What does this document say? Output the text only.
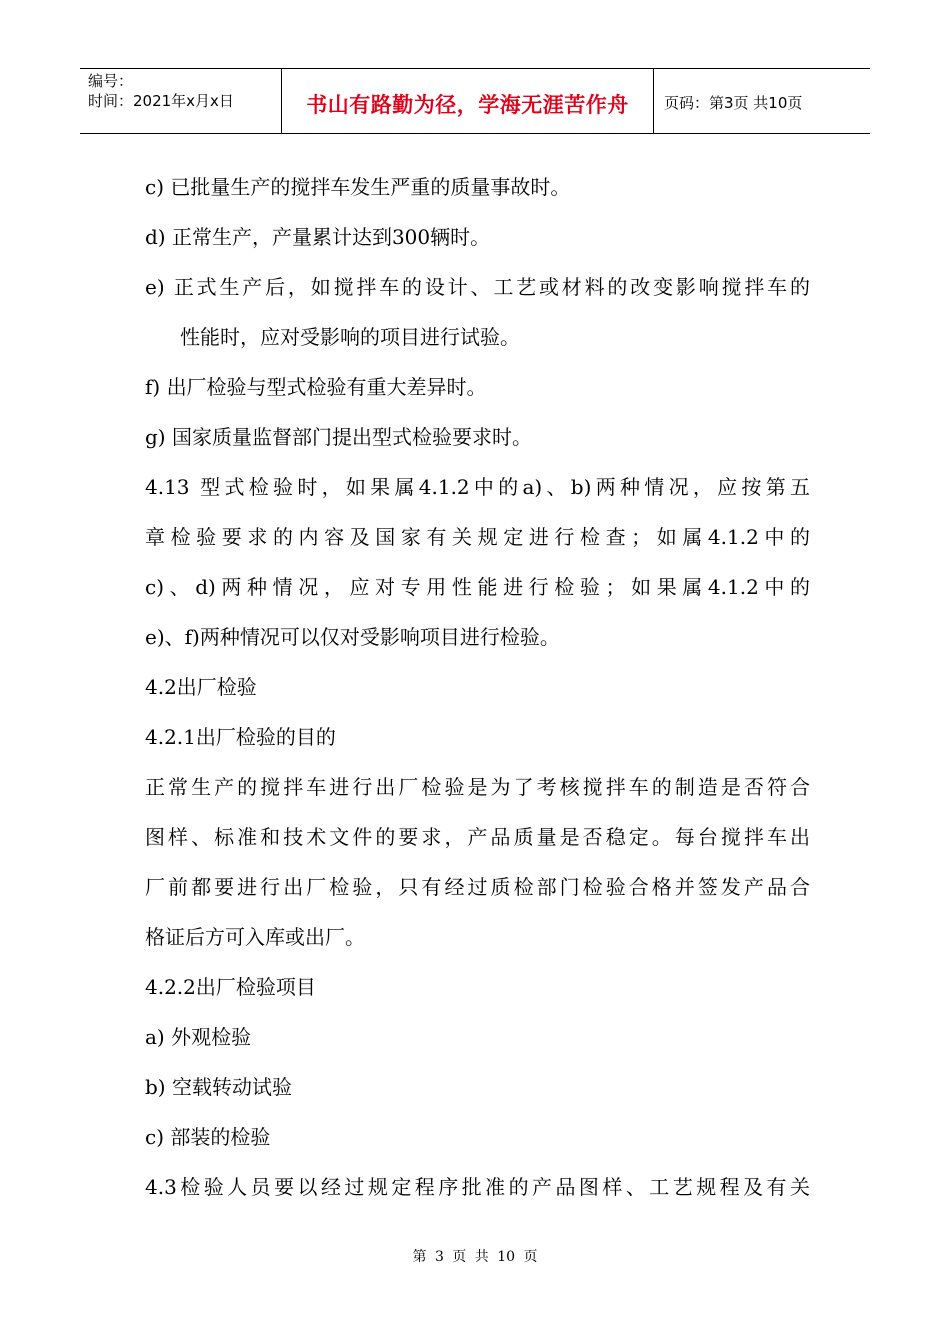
编号：
时间：2021年x月x日	书山有路勤为径，学海无涯苦作舟	页码：第3页 共10页
c) 已批量生产的搅拌车发生严重的质量事故时。
d) 正常生产，产量累计达到300辆时。
e) 正式生产后，如搅拌车的设计、工艺或材料的改变影响搅拌车的
性能时，应对受影响的项目进行试验。
f) 出厂检验与型式检验有重大差异时。
g) 国家质量监督部门提出型式检验要求时。
4.13 型式检验时，如果属4.1.2中的a)、b)两种情况，应按第五
章检验要求的内容及国家有关规定进行检查；如属4.1.2中的
c)、d)两种情况，应对专用性能进行检验；如果属4.1.2中的
e)、f)两种情况可以仅对受影响项目进行检验。
4.2出厂检验
4.2.1出厂检验的目的
正常生产的搅拌车进行出厂检验是为了考核搅拌车的制造是否符合
图样、标准和技术文件的要求，产品质量是否稳定。每台搅拌车出
厂前都要进行出厂检验，只有经过质检部门检验合格并签发产品合
格证后方可入库或出厂。
4.2.2出厂检验项目
a) 外观检验
b) 空载转动试验
c) 部装的检验
4.3检验人员要以经过规定程序批准的产品图样、工艺规程及有关
第 3 页 共 10 页
